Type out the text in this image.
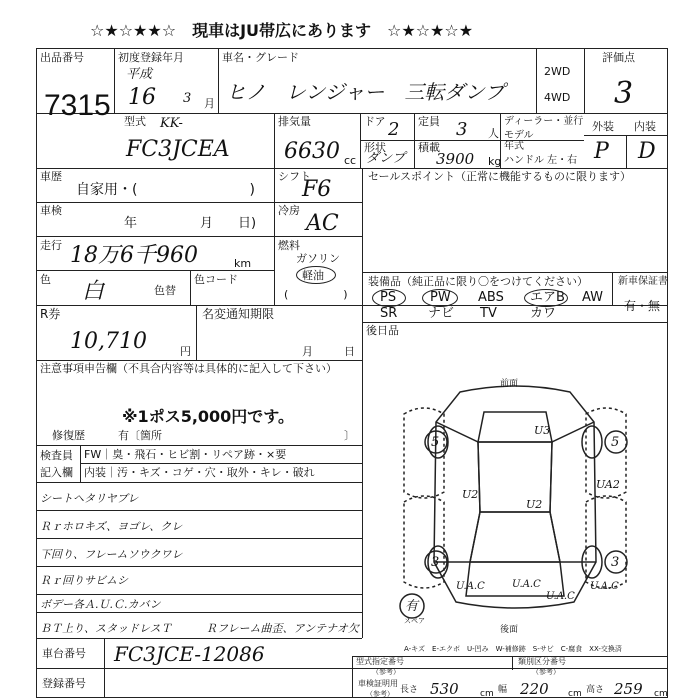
☆★☆★★☆　現車はJU帯広にあります　☆★☆★☆★
出品番号
7315
初度登録年月
平成
16 3 月
車名・グレード
ヒノ　レンジャー　三転ダンプ
2WD
4WD
評価点
3
型式 KK-
FC3JCEA
排気量
6630 cc
ドア 2 定員 3 人
ディーラー・並行
モデル
年式
形状
ダンプ
積載
3900 kg ハンドル 左・右
外装 内装
P D
車歴
自家用・(　　　　　　　　)
シフト
F6
車検
年	月 日)
冷房
AC
走行 18万6千960	km
燃料
ガソリン
軽油
(　　　　　)
色 白	色替
色コード
セールスポイント（正常に機能するものに限ります）
装備品（純正品に限り〇をつけてください）	新車保証書
PS	PW ABS エアB AW
SR ナビ TV	カワ	有・無
R券
10,710	円
名変通知期限
月	日
後日品
注意事項申告欄（不具合内容等は具体的に記入して下さい）
※1ポス5,000円です。
修復歴	有〔箇所	〕
検査員
記入欄
FW｜臭・飛石・ヒビ割・リペア跡・×要
内装｜汚・キズ・コゲ・穴・取外・キレ・破れ
シートヘタリヤブレ
Ｒｒホロキズ、ヨゴレ、クレ
下回り、フレームソウクワレ
Ｒｒ回りサビムシ
ボデー各Ａ.Ｕ.Ｃ.カバン
ＢＴ上り、スタッドレスＴ	Ｒフレーム曲歪、アンテナオ欠
前面
後面
U3
U2
U2
UA2
U.A.C	U.A.C
U.A.C
U.A.C
5	5
3	3
有
スペア
A-キズ　E-エクボ　U-凹み　W-補修跡　S-サビ　C-腐食　XX-交換済
車台番号 FC3JCE-12086
登録番号
型式指定番号
（参考）
類別区分番号
（参考）
車検証明用
（参考） 長さ 530 cm 幅 220 cm 高さ 259 cm
